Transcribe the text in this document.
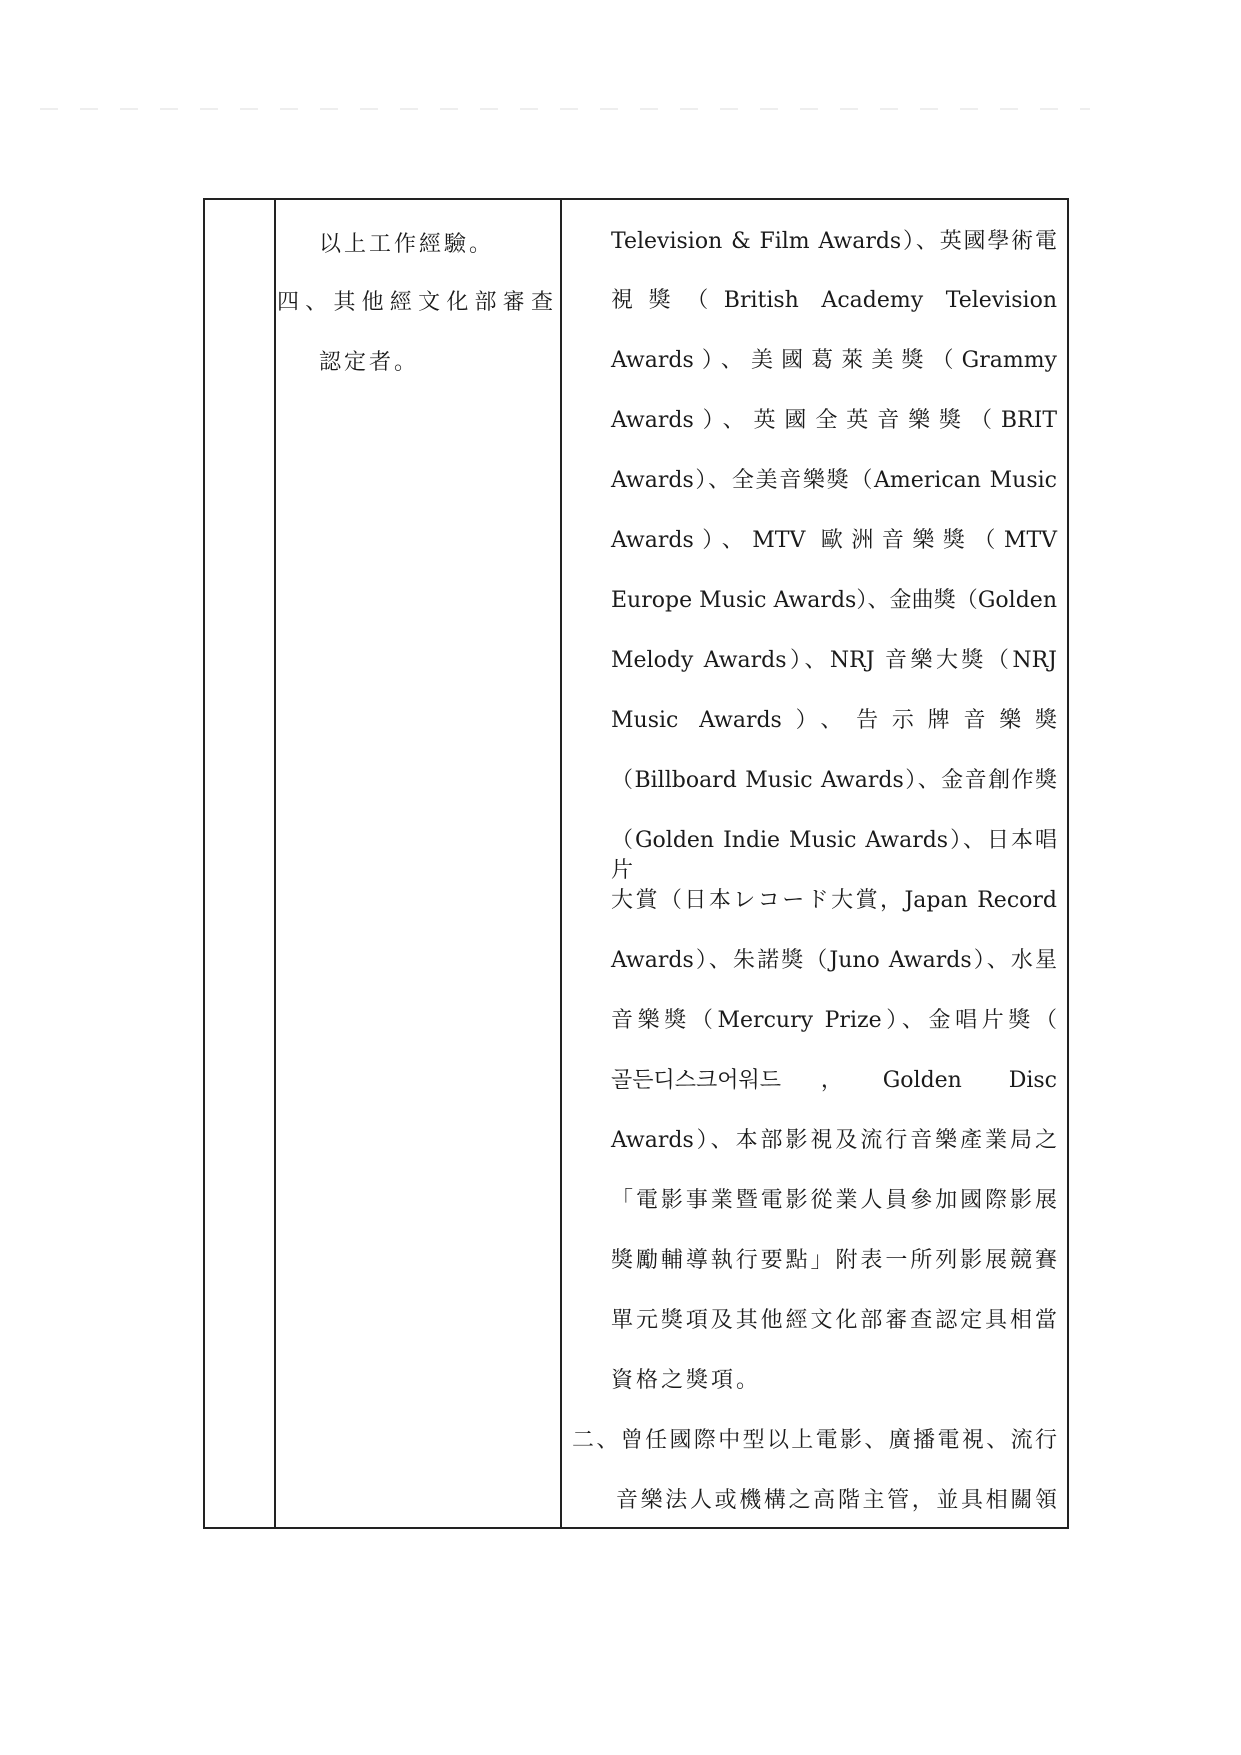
以上工作經驗。
四、其他經文化部審查
認定者。
Television & Film Awards）、英國學術電
視獎（British Academy Television
Awards）、美國葛萊美獎（Grammy
Awards）、英國全英音樂獎（BRIT
Awards）、全美音樂獎（American Music
Awards）、MTV 歐洲音樂獎（MTV
Europe Music Awards）、金曲獎（Golden
Melody Awards）、NRJ 音樂大獎（NRJ
Music Awards）、告示牌音樂獎
（Billboard Music Awards）、金音創作獎
（Golden Indie Music Awards）、日本唱片
大賞（日本レコード大賞，Japan Record
Awards）、朱諾獎（Juno Awards）、水星
音樂獎（Mercury Prize）、金唱片獎（
골든디스크어워드，Golden Disc
Awards）、本部影視及流行音樂產業局之
「電影事業暨電影從業人員參加國際影展
獎勵輔導執行要點」附表一所列影展競賽
單元獎項及其他經文化部審查認定具相當
資格之獎項。
二、曾任國際中型以上電影、廣播電視、流行
音樂法人或機構之高階主管，並具相關領
